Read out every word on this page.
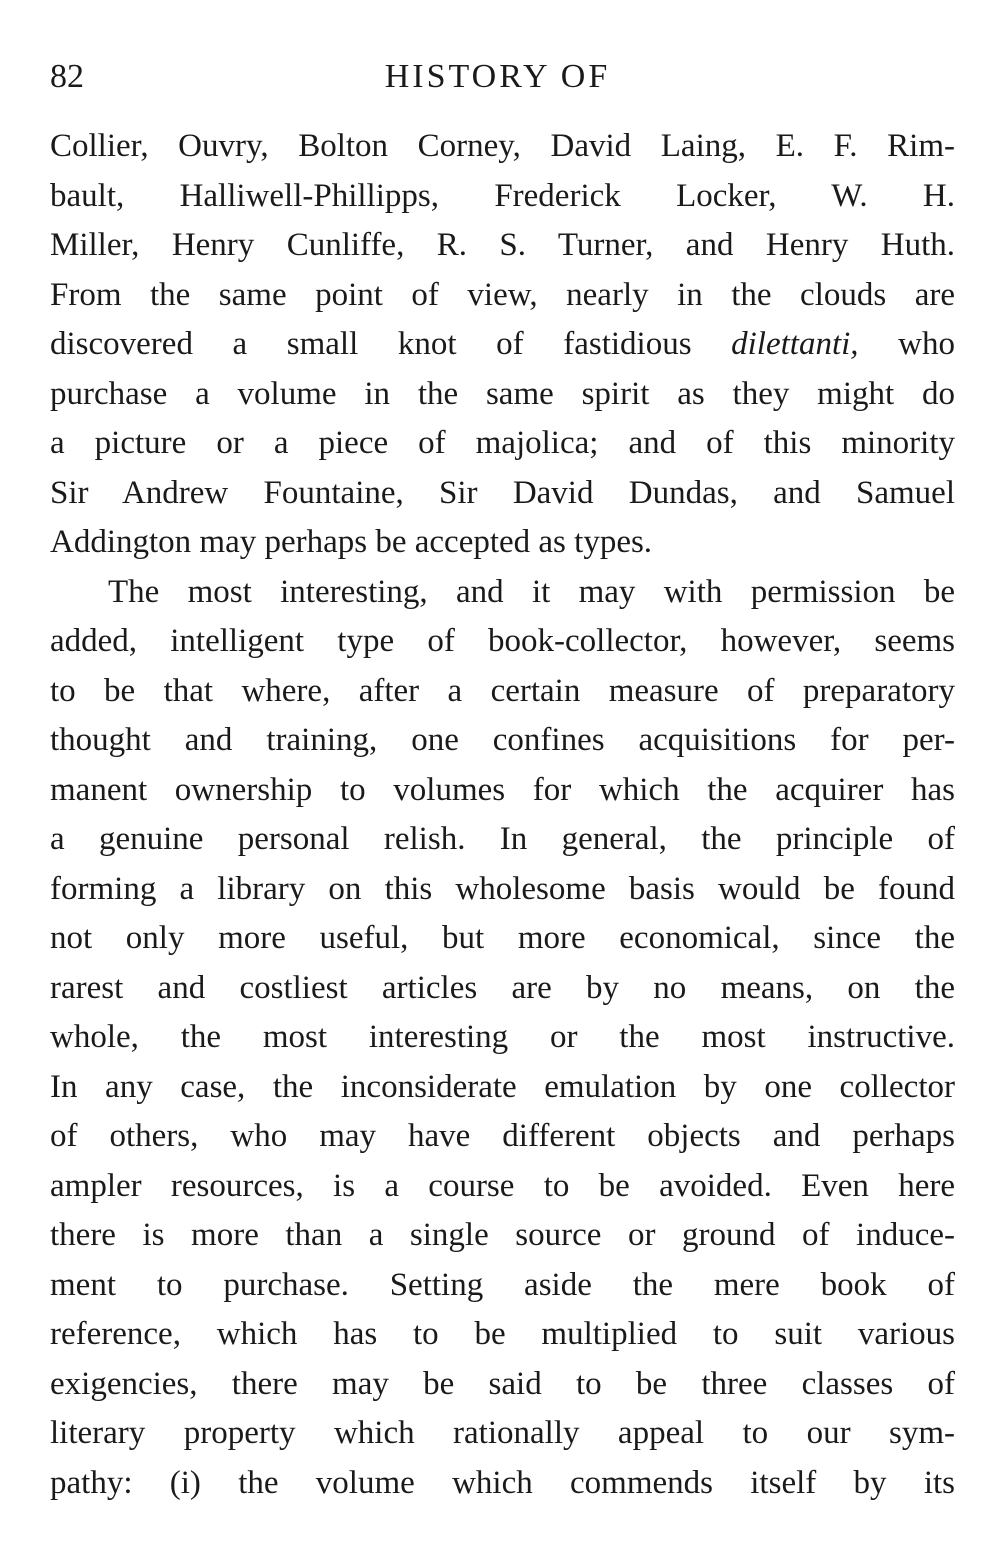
82	HISTORY OF
Collier, Ouvry, Bolton Corney, David Laing, E. F. Rim-
bault, Halliwell-Phillipps, Frederick Locker, W. H.
Miller, Henry Cunliffe, R. S. Turner, and Henry Huth.
From the same point of view, nearly in the clouds are
discovered a small knot of fastidious dilettanti, who
purchase a volume in the same spirit as they might do
a picture or a piece of majolica; and of this minority
Sir Andrew Fountaine, Sir David Dundas, and Samuel
Addington may perhaps be accepted as types.
The most interesting, and it may with permission be
added, intelligent type of book-collector, however, seems
to be that where, after a certain measure of preparatory
thought and training, one confines acquisitions for per-
manent ownership to volumes for which the acquirer has
a genuine personal relish. In general, the principle of
forming a library on this wholesome basis would be found
not only more useful, but more economical, since the
rarest and costliest articles are by no means, on the
whole, the most interesting or the most instructive.
In any case, the inconsiderate emulation by one collector
of others, who may have different objects and perhaps
ampler resources, is a course to be avoided. Even here
there is more than a single source or ground of induce-
ment to purchase. Setting aside the mere book of
reference, which has to be multiplied to suit various
exigencies, there may be said to be three classes of
literary property which rationally appeal to our sym-
pathy: (i) the volume which commends itself by its
